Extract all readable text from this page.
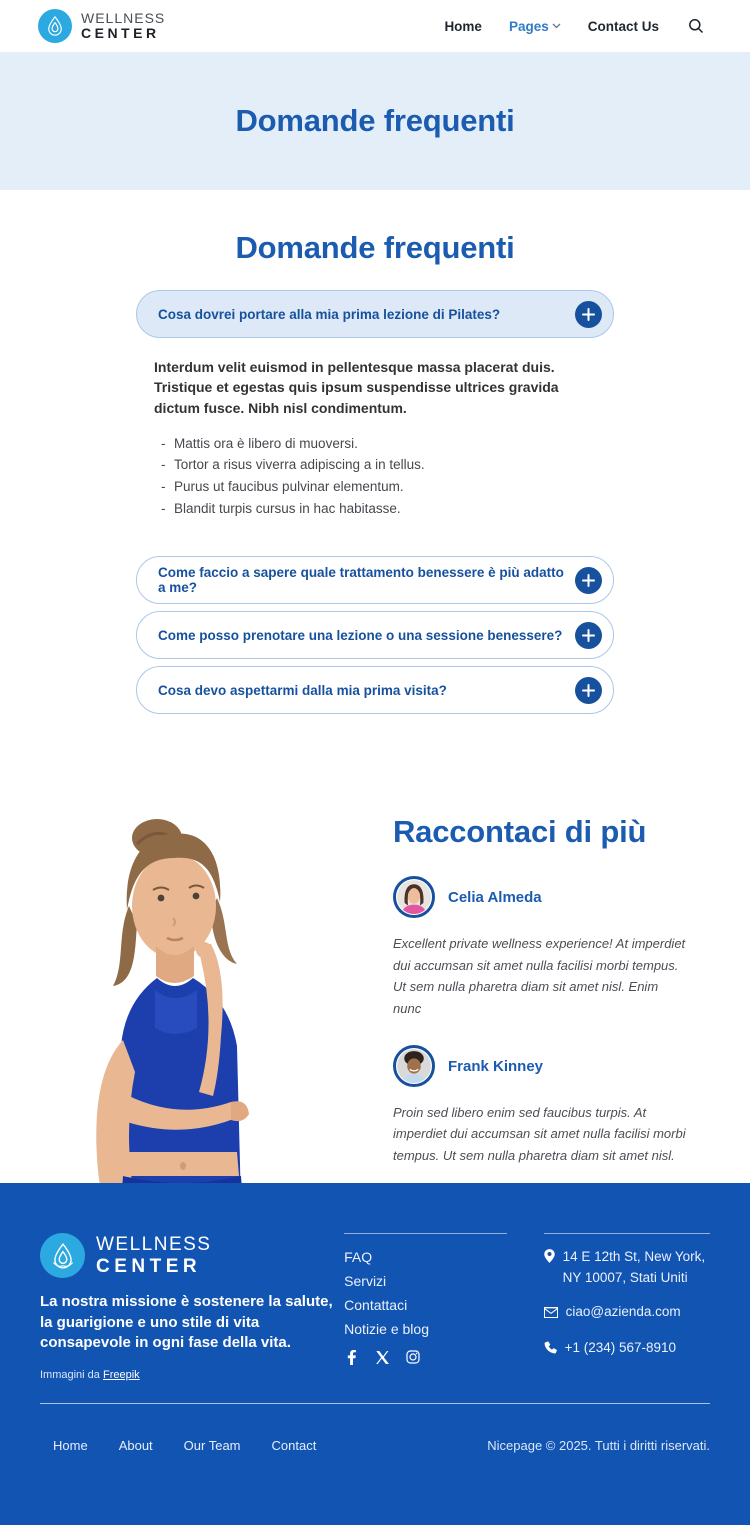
WELLNESS
CENTER	Home Pages	Contact Us
Domande frequenti
Domande frequenti
Cosa dovrei portare alla mia prima lezione di Pilates?

Interdum velit euismod in pellentesque massa placerat duis. Tristique et egestas quis ipsum suspendisse ultrices gravida dictum fusce. Nibh nisl condimentum.

- Mattis ora è libero di muoversi.
- Tortor a risus viverra adipiscing a in tellus.
- Purus ut faucibus pulvinar elementum.
- Blandit turpis cursus in hac habitasse.
Come faccio a sapere quale trattamento benessere è più adatto a me?
Come posso prenotare una lezione o una sessione benessere?
Cosa devo aspettarmi dalla mia prima visita?
Raccontaci di più
Celia Almeda

Excellent private wellness experience! At imperdiet dui accumsan sit amet nulla facilisi morbi tempus. Ut sem nulla pharetra diam sit amet nisl. Enim nunc

Frank Kinney

Proin sed libero enim sed faucibus turpis. At imperdiet dui accumsan sit amet nulla facilisi morbi tempus. Ut sem nulla pharetra diam sit amet nisl.

WELLNESS
CENTER

La nostra missione è sostenere la salute, la guarigione e uno stile di vita consapevole in ogni fase della vita.

Immagini da Freepik

FAQ
Servizi
Contattaci
Notizie e blog
14 E 12th St, New York, NY 10007, Stati Uniti
ciao@azienda.com
+1 (234) 567-8910
Home About Our Team Contact	Nicepage © 2025. Tutti i diritti riservati.
